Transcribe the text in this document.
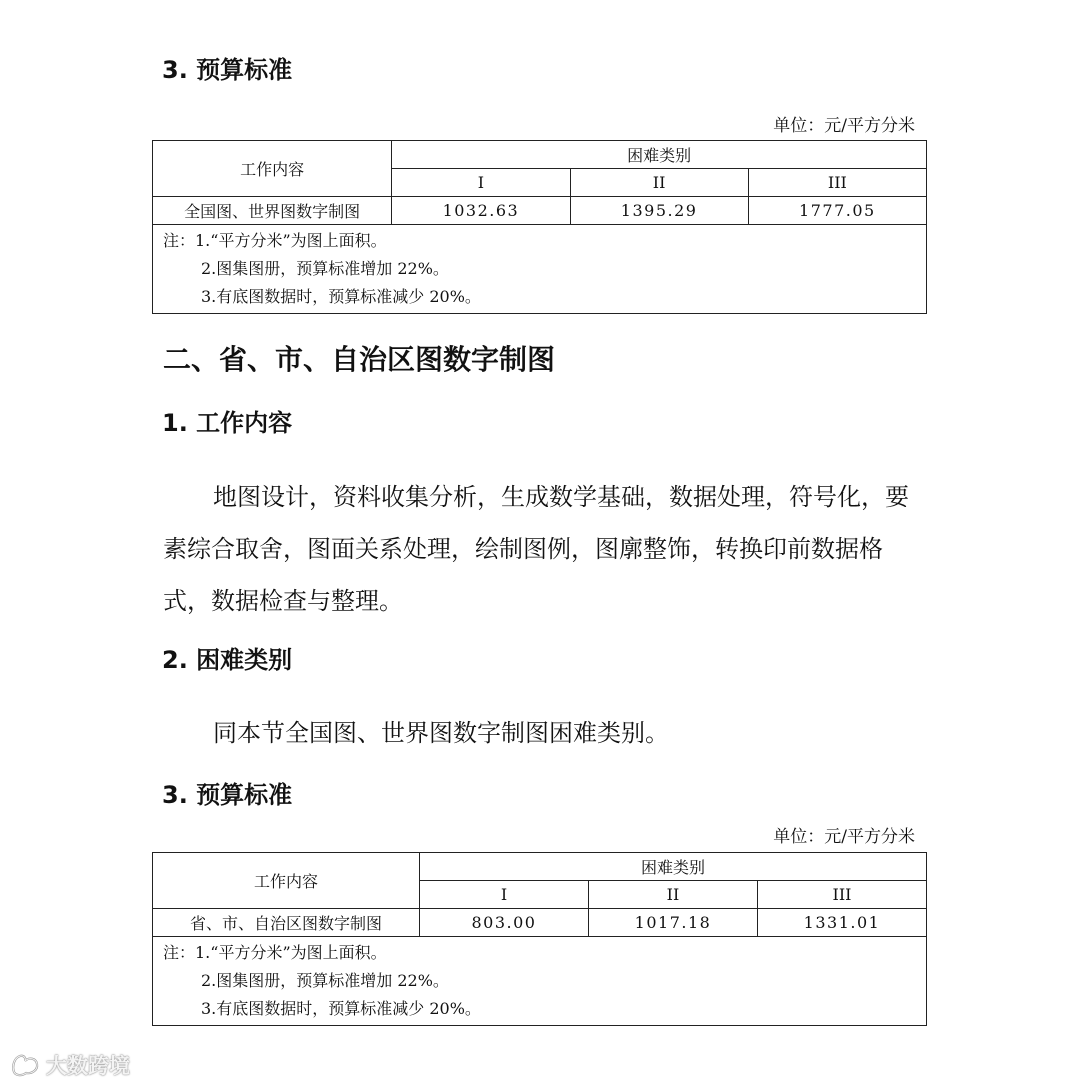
3. 预算标准
单位：元/平方分米
工作内容	困难类别		
	I	II	III
全国图、世界图数字制图	1032.63	1395.29	1777.05

注：1.“平方分米”为图上面积。
2.图集图册，预算标准增加 22%。
3.有底图数据时，预算标准减少 20%。			
二、省、市、自治区图数字制图
1. 工作内容

地图设计，资料收集分析，生成数学基础，数据处理，符号化，要素综合取舍，图面关系处理，绘制图例，图廓整饰，转换印前数据格式，数据检查与整理。

2. 困难类别

同本节全国图、世界图数字制图困难类别。

3. 预算标准
单位：元/平方分米
工作内容	困难类别		
	I	II	III
省、市、自治区图数字制图	803.00	1017.18	1331.01

注：1.“平方分米”为图上面积。
2.图集图册，预算标准增加 22%。
3.有底图数据时，预算标准减少 20%。			
大数跨境
